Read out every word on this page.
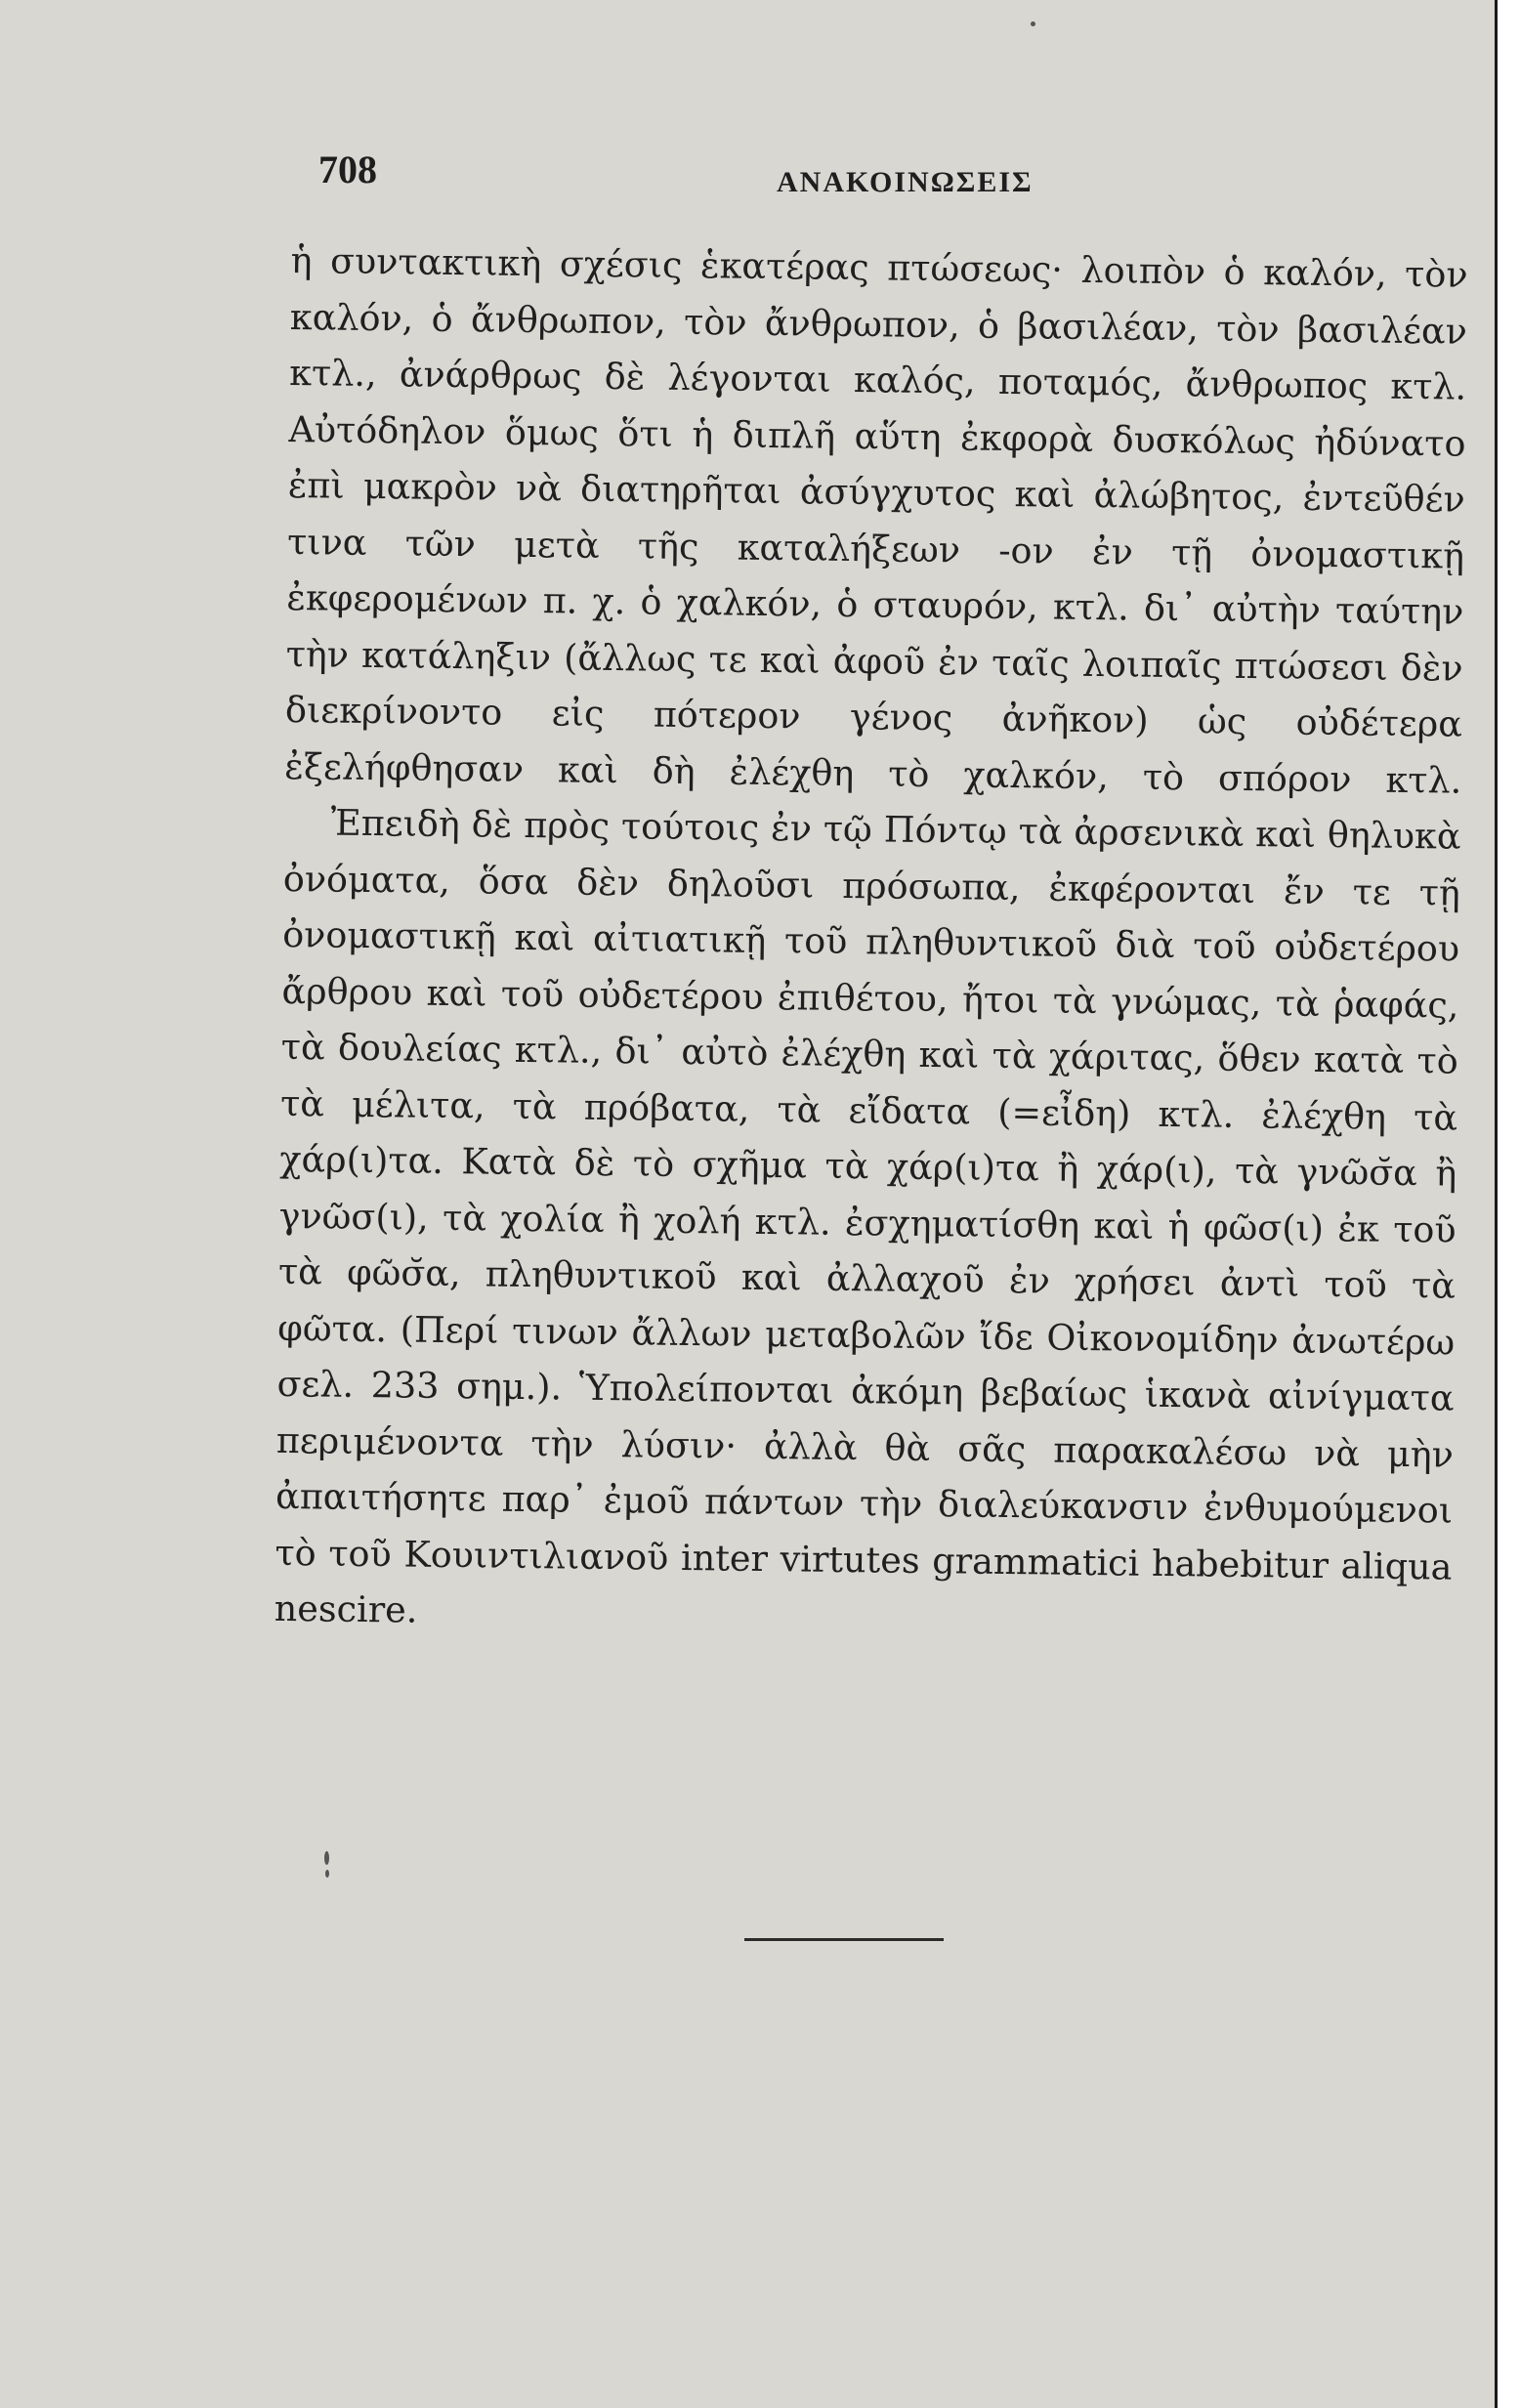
708	ΑΝΑΚΟΙΝΩΣΕΙΣ

ἡ συντακτικὴ σχέσις ἑκατέρας πτώσεως· λοιπὸν ὁ καλόν, τὸν καλόν, ὁ ἄνθρωπον, τὸν ἄνθρωπον, ὁ βασιλέαν, τὸν βασιλέαν κτλ., ἀνάρθρως δὲ λέγονται καλός, ποταμός, ἄνθρωπος κτλ. Αὐτόδηλον ὅμως ὅτι ἡ διπλῆ αὕτη ἐκφορὰ δυσκόλως ἠδύνατο ἐπὶ μακρὸν νὰ διατηρῆται ἀσύγχυτος καὶ ἀλώβητος, ἐντεῦθέν τινα τῶν μετὰ τῆς καταλήξεων -ον ἐν τῇ ὀνομαστικῇ ἐκφερομένων π. χ. ὁ χαλκόν, ὁ σταυρόν, κτλ. δι᾽ αὐτὴν ταύτην τὴν κατάληξιν (ἄλλως τε καὶ ἀφοῦ ἐν ταῖς λοιπαῖς πτώσεσι δὲν διεκρίνοντο εἰς πότερον γένος ἀνῆκον) ὡς οὐδέτερα ἐξελήφθησαν καὶ δὴ ἐλέχθη τὸ χαλκόν, τὸ σπόρον κτλ.

Ἐπειδὴ δὲ πρὸς τούτοις ἐν τῷ Πόντῳ τὰ ἀρσενικὰ καὶ θηλυκὰ ὀνόματα, ὅσα δὲν δηλοῦσι πρόσωπα, ἐκφέρονται ἔν τε τῇ ὀνομαστικῇ καὶ αἰτιατικῇ τοῦ πληθυντικοῦ διὰ τοῦ οὐδετέρου ἄρθρου καὶ τοῦ οὐδετέρου ἐπιθέτου, ἤτοι τὰ γνώμας, τὰ ῥαφάς, τὰ δουλείας κτλ., δι᾽ αὐτὸ ἐλέχθη καὶ τὰ χάριτας, ὅθεν κατὰ τὸ τὰ μέλιτα, τὰ πρόβατα, τὰ εἴδατα (=εἶδη) κτλ. ἐλέχθη τὰ χάρ(ι)τα. Κατὰ δὲ τὸ σχῆμα τὰ χάρ(ι)τα ἢ χάρ(ι), τὰ γνῶσ̆α ἢ γνῶσ(ι), τὰ χολία ἢ χολή κτλ. ἐσχηματίσθη καὶ ἡ φῶσ(ι) ἐκ τοῦ τὰ φῶσ̆α, πληθυντικοῦ καὶ ἀλλαχοῦ ἐν χρήσει ἀντὶ τοῦ τὰ φῶτα. (Περί τινων ἄλλων μεταβολῶν ἴδε Οἰκονομίδην ἀνωτέρω σελ. 233 σημ.). Ὑπολείπονται ἀκόμη βεβαίως ἱκανὰ αἰνίγματα περιμένοντα τὴν λύσιν· ἀλλὰ θὰ σᾶς παρακαλέσω νὰ μὴν ἀπαιτήσητε παρ᾽ ἐμοῦ πάντων τὴν διαλεύκανσιν ἐνθυμούμενοι τὸ τοῦ Κουιντιλιανοῦ inter virtutes grammatici habebitur aliqua nescire.
